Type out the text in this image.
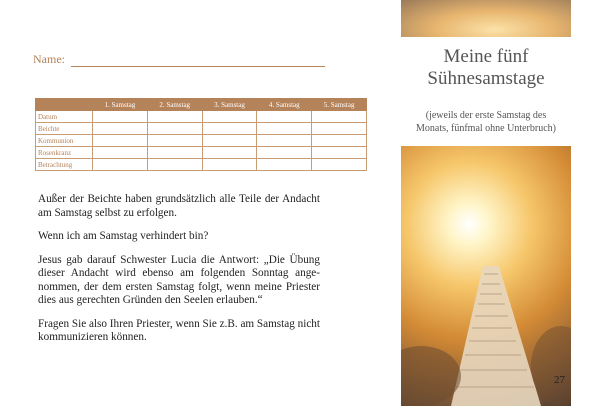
Name:
	1. Samstag	2. Samstag	3. Samstag	4. Samstag	5. Samstag
Datum					
Beichte					
Kommunion					
Rosenkranz					
Betrachtung					

Außer der Beichte haben grundsätzlich alle Teile der Andacht am Samstag selbst zu erfolgen.

Wenn ich am Samstag verhindert bin?

Jesus gab darauf Schwester Lucia die Antwort: „Die Übung dieser Andacht wird ebenso am folgenden Sonntag angenommen, der dem ersten Samstag folgt, wenn meine Priester dies aus gerechten Gründen den Seelen erlauben.“

Fragen Sie also Ihren Priester, wenn Sie z.B. am Samstag nicht kommunizieren können.

Meine fünf
Sühnesamstage
(jeweils der erste Samstag des
Monats, fünfmal ohne Unterbruch)
27
